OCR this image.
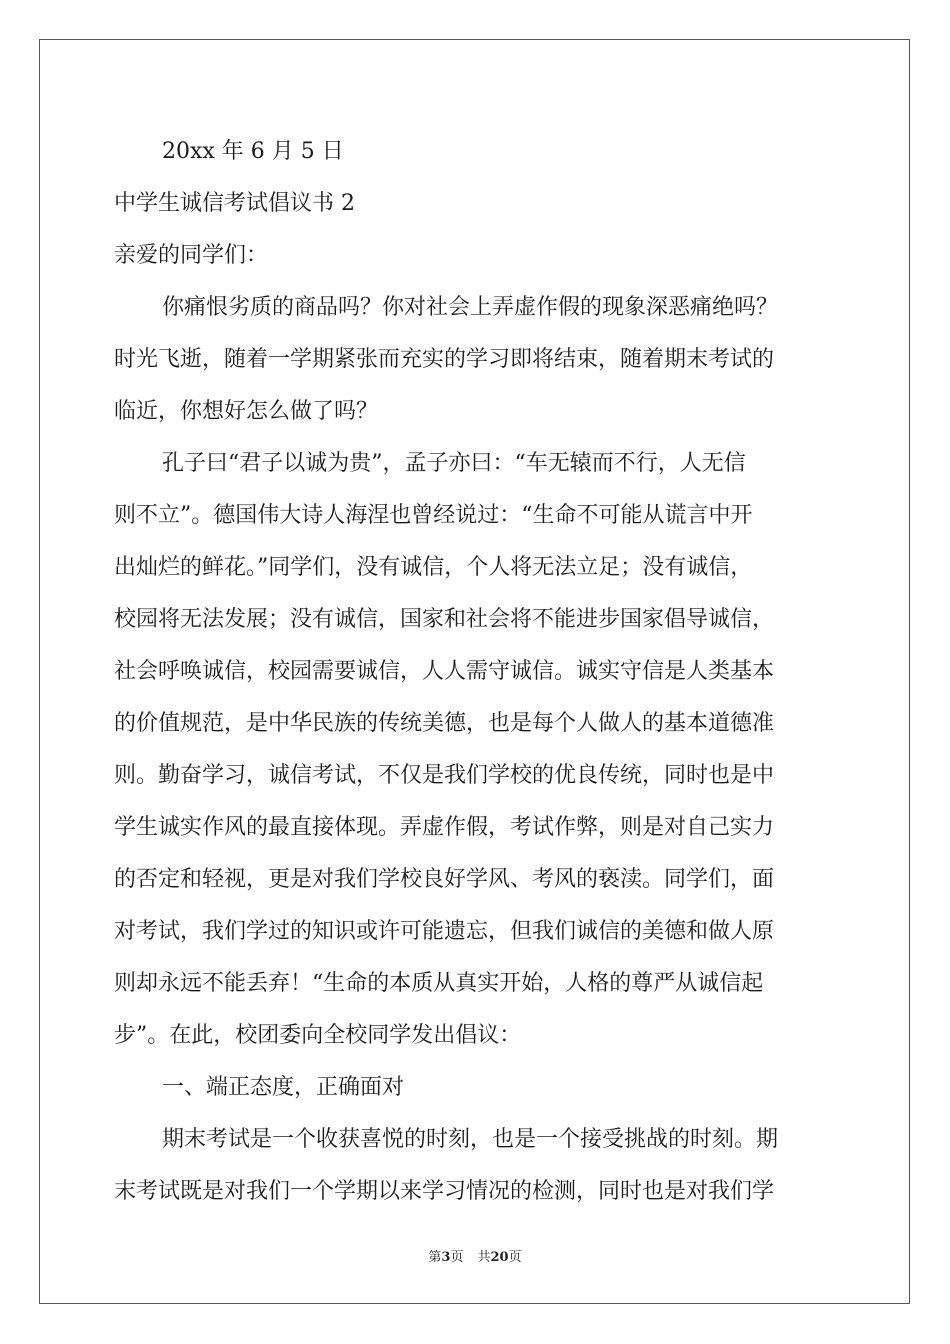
20xx 年 6 月 5 日
中学生诚信考试倡议书 2
亲爱的同学们：
你痛恨劣质的商品吗？你对社会上弄虚作假的现象深恶痛绝吗？
时光飞逝，随着一学期紧张而充实的学习即将结束，随着期末考试的
临近，你想好怎么做了吗？
孔子曰“君子以诚为贵”，孟子亦曰：“车无辕而不行，人无信
则不立”。德国伟大诗人海涅也曾经说过：“生命不可能从谎言中开
出灿烂的鲜花。”同学们，没有诚信，个人将无法立足；没有诚信，
校园将无法发展；没有诚信，国家和社会将不能进步国家倡导诚信，
社会呼唤诚信，校园需要诚信，人人需守诚信。诚实守信是人类基本
的价值规范，是中华民族的传统美德，也是每个人做人的基本道德准
则。勤奋学习，诚信考试，不仅是我们学校的优良传统，同时也是中
学生诚实作风的最直接体现。弄虚作假，考试作弊，则是对自己实力
的否定和轻视，更是对我们学校良好学风、考风的亵渎。同学们，面
对考试，我们学过的知识或许可能遗忘，但我们诚信的美德和做人原
则却永远不能丢弃！“生命的本质从真实开始，人格的尊严从诚信起
步”。在此，校团委向全校同学发出倡议：
一、端正态度，正确面对
期末考试是一个收获喜悦的时刻，也是一个接受挑战的时刻。期
末考试既是对我们一个学期以来学习情况的检测，同时也是对我们学
第3页 共20页
